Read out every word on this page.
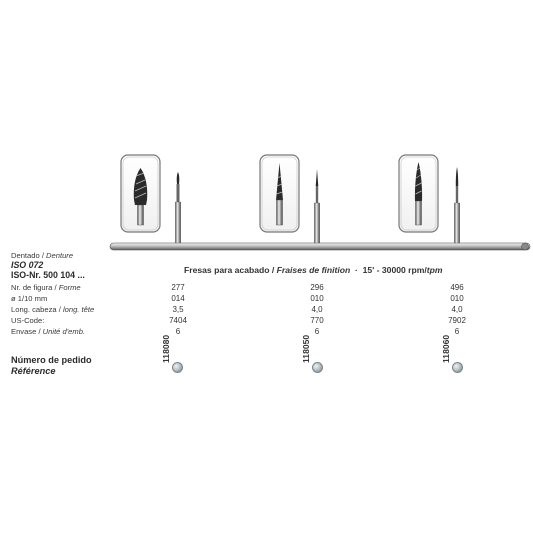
Dentado / Denture
ISO 072
ISO-Nr. 500 104 ...
Nr. de figura / Forme
ø 1/10 mm
Long. cabeza / long. tête
US-Code:
Envase / Unité d'emb.
Número de pedido
Référence
Fresas para acabado / Fraises de finition  ·  15' - 30000 rpm/tpm
277
014
3,5
7404
6
296
010
4,0
770
6
496
010
4,0
7902
6
118080	118050	118060
